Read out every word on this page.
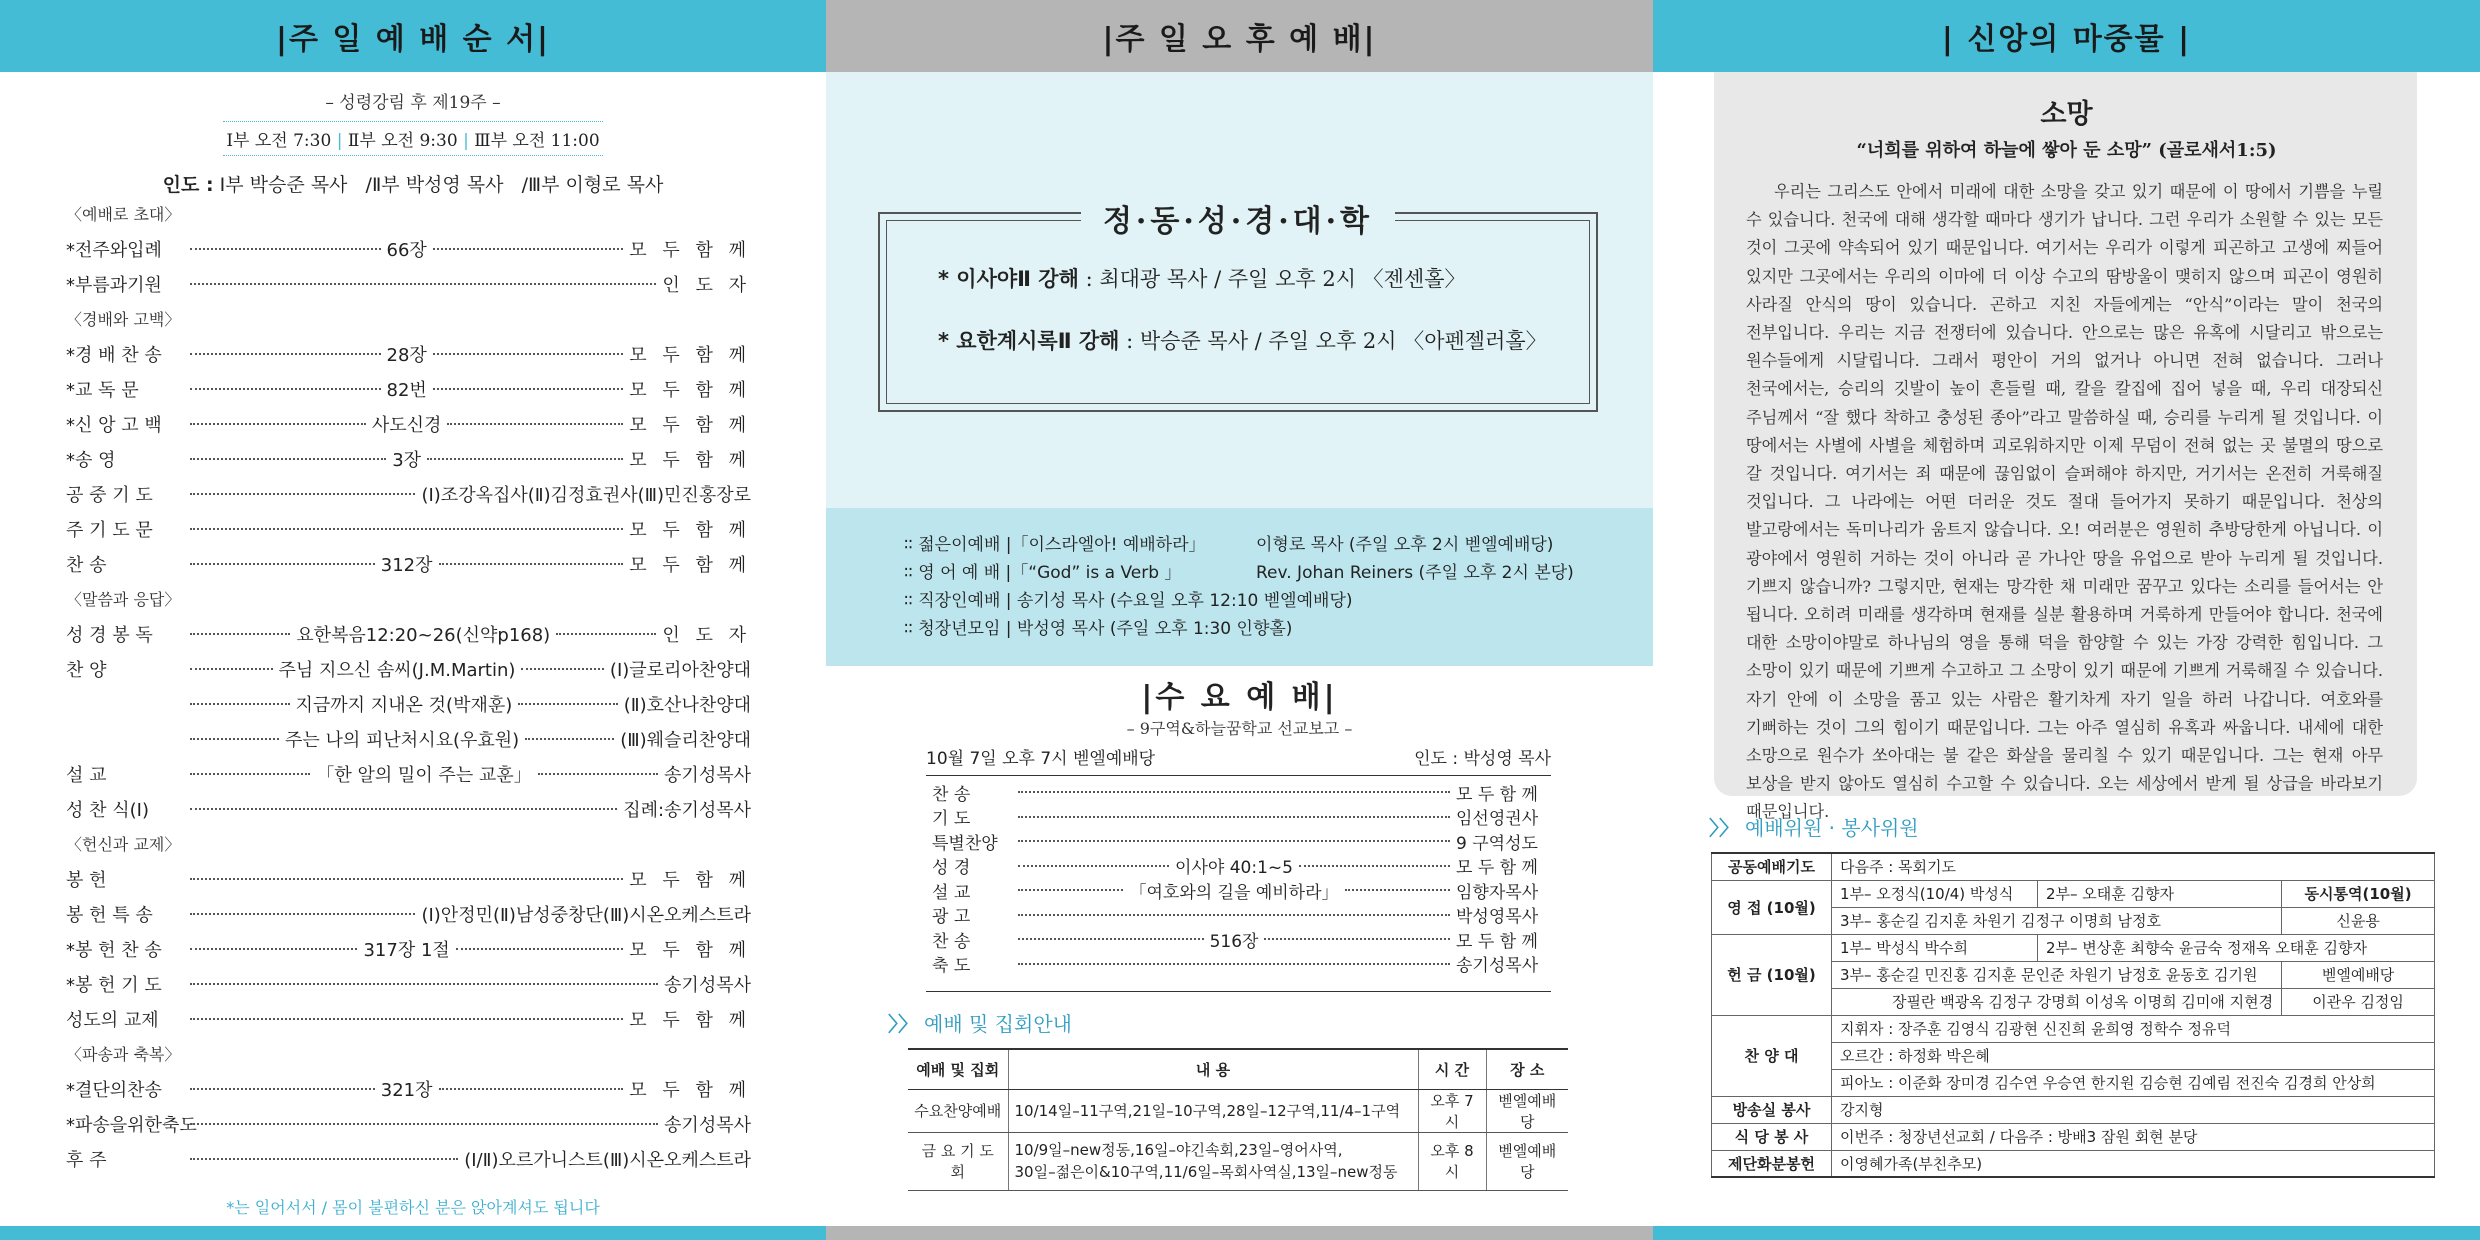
|주 일 예 배 순 서|
– 성령강림 후 제19주 –
Ⅰ부 오전 7:30 | Ⅱ부 오전 9:30 | Ⅲ부 오전 11:00
인도 : Ⅰ부 박승준 목사 /Ⅱ부 박성영 목사 /Ⅲ부 이형로 목사
〈예배로 초대〉
*전주와입례	66장	모 두 함 께
*부름과기원	인 도 자
〈경배와 고백〉
*경 배 찬 송	28장	모 두 함 께
*교 독 문	82번	모 두 함 께
*신 앙 고 백	사도신경	모 두 함 께
*송 영	3장	모 두 함 께
공 중 기 도	(Ⅰ)조강옥집사(Ⅱ)김정효권사(Ⅲ)민진홍장로
주 기 도 문	모 두 함 께
찬 송	312장	모 두 함 께
〈말씀과 응답〉
성 경 봉 독	요한복음12:20~26(신약p168)	인 도 자
찬 양	주님 지으신 솜씨(J.M.Martin)	(Ⅰ)글로리아찬양대
지금까지 지내온 것(박재훈)	(Ⅱ)호산나찬양대
주는 나의 피난처시요(우효원)	(Ⅲ)웨슬리찬양대
설 교	「한 알의 밀이 주는 교훈」	송기성목사
성 찬 식(Ⅰ)	집례:송기성목사
〈헌신과 교제〉
봉 헌	모 두 함 께
봉 헌 특 송	(Ⅰ)안정민(Ⅱ)남성중창단(Ⅲ)시온오케스트라
*봉 헌 찬 송	317장 1절	모 두 함 께
*봉 헌 기 도	송기성목사
성도의 교제	모 두 함 께
〈파송과 축복〉
*결단의찬송	321장	모 두 함 께
*파송을위한축도	송기성목사
후 주	(Ⅰ/Ⅱ)오르가니스트(Ⅲ)시온오케스트라
*는 일어서서 / 몸이 불편하신 분은 앉아계셔도 됩니다
|주 일 오 후 예 배|
정·동·성·경·대·학
* 이사야Ⅱ 강해 : 최대광 목사 / 주일 오후 2시 〈젠센홀〉
* 요한계시록Ⅱ 강해 : 박승준 목사 / 주일 오후 2시 〈아펜젤러홀〉
∶∶ 젊은이예배 |「이스라엘아! 예배하라」	이형로 목사 (주일 오후 2시 벧엘예배당)
∶∶ 영 어 예 배 |「“God” is a Verb 」	Rev. Johan Reiners (주일 오후 2시 본당)
∶∶ 직장인예배 | 송기성 목사 (수요일 오후 12:10 벧엘예배당)
∶∶ 청장년모임 | 박성영 목사 (주일 오후 1:30 인향홀)
|수 요 예 배|
– 9구역&하늘꿈학교 선교보고 –
10월 7일 오후 7시 벧엘예배당	인도 : 박성영 목사
찬 송	모 두 함 께
기 도	임선영권사
특별찬양	9 구역성도
성 경	이사야 40:1~5	모 두 함 께
설 교	「여호와의 길을 예비하라」	임향자목사
광 고	박성영목사
찬 송	516장	모 두 함 께
축 도	송기성목사
〉〉 예배 및 집회안내
예배 및 집회	내 용	시 간	장 소
수요찬양예배	10/14일–11구역,21일–10구역,28일–12구역,11/4–1구역	오후 7시	벧엘예배당
금 요 기 도 회	10/9일–new정동,16일–야긴속회,23일–영어사역,
30일–젊은이&10구역,11/6일–목회사역실,13일–new정동	오후 8시	벧엘예배당
| 신앙의 마중물 |
소망
“너희를 위하여 하늘에 쌓아 둔 소망” (골로새서1:5)
우리는 그리스도 안에서 미래에 대한 소망을 갖고 있기 때문에 이 땅에서 기쁨을 누릴 수 있습니다. 천국에 대해 생각할 때마다 생기가 납니다. 그런 우리가 소원할 수 있는 모든 것이 그곳에 약속되어 있기 때문입니다. 여기서는 우리가 이렇게 피곤하고 고생에 찌들어 있지만 그곳에서는 우리의 이마에 더 이상 수고의 땀방울이 맺히지 않으며 피곤이 영원히 사라질 안식의 땅이 있습니다. 곤하고 지친 자들에게는 “안식”이라는 말이 천국의 전부입니다. 우리는 지금 전쟁터에 있습니다. 안으로는 많은 유혹에 시달리고 밖으로는 원수들에게 시달립니다. 그래서 평안이 거의 없거나 아니면 전혀 없습니다. 그러나 천국에서는, 승리의 깃발이 높이 흔들릴 때, 칼을 칼집에 집어 넣을 때, 우리 대장되신 주님께서 “잘 했다 착하고 충성된 종아”라고 말씀하실 때, 승리를 누리게 될 것입니다. 이 땅에서는 사별에 사별을 체험하며 괴로워하지만 이제 무덤이 전혀 없는 곳 불멸의 땅으로 갈 것입니다. 여기서는 죄 때문에 끊임없이 슬퍼해야 하지만, 거기서는 온전히 거룩해질 것입니다. 그 나라에는 어떤 더러운 것도 절대 들어가지 못하기 때문입니다. 천상의 발고랑에서는 독미나리가 움트지 않습니다. 오! 여러분은 영원히 추방당한게 아닙니다. 이 광야에서 영원히 거하는 것이 아니라 곧 가나안 땅을 유업으로 받아 누리게 될 것입니다. 기쁘지 않습니까? 그렇지만, 현재는 망각한 채 미래만 꿈꾸고 있다는 소리를 들어서는 안 됩니다. 오히려 미래를 생각하며 현재를 실분 활용하며 거룩하게 만들어야 합니다. 천국에 대한 소망이야말로 하나님의 영을 통해 덕을 함양할 수 있는 가장 강력한 힘입니다. 그 소망이 있기 때문에 기쁘게 수고하고 그 소망이 있기 때문에 기쁘게 거룩해질 수 있습니다. 자기 안에 이 소망을 품고 있는 사람은 활기차게 자기 일을 하러 나갑니다. 여호와를 기뻐하는 것이 그의 힘이기 때문입니다. 그는 아주 열심히 유혹과 싸웁니다. 내세에 대한 소망으로 원수가 쏘아대는 불 같은 화살을 물리칠 수 있기 때문입니다. 그는 현재 아무 보상을 받지 않아도 열심히 수고할 수 있습니다. 오는 세상에서 받게 될 상급을 바라보기 때문입니다.
〉〉 예배위원 · 봉사위원
공동예배기도	다음주 : 목회기도		
영 접 (10월)	1부– 오정식(10/4) 박성식	2부– 오태훈 김향자	동시통역(10월)
	3부– 홍순길 김지훈 차원기 김정구 이명희 남정호		신윤용
헌 금 (10월)	1부– 박성식 박수희	2부– 변상훈 최향숙 윤금숙 정재옥 오태훈 김향자	
	3부– 홍순길 민진홍 김지훈 문인준 차원기 남정호 윤동호 김기원		벧엘예배당
	장필란 백광옥 김정구 강명희 이성옥 이명희 김미애 지현경		이관우 김정임
찬 양 대	지휘자 : 장주훈 김영식 김광현 신진희 윤희영 정학수 정유덕		
	오르간 : 하정화 박은혜		
	피아노 : 이준화 장미경 김수연 우승연 한지원 김승현 김예림 전진숙 김경희 안상희		
방송실 봉사	강지형		
식 당 봉 사	이번주 : 청장년선교회 / 다음주 : 방배3 잠원 회현 분당		
제단화분봉헌	이영혜가족(부친추모)		
